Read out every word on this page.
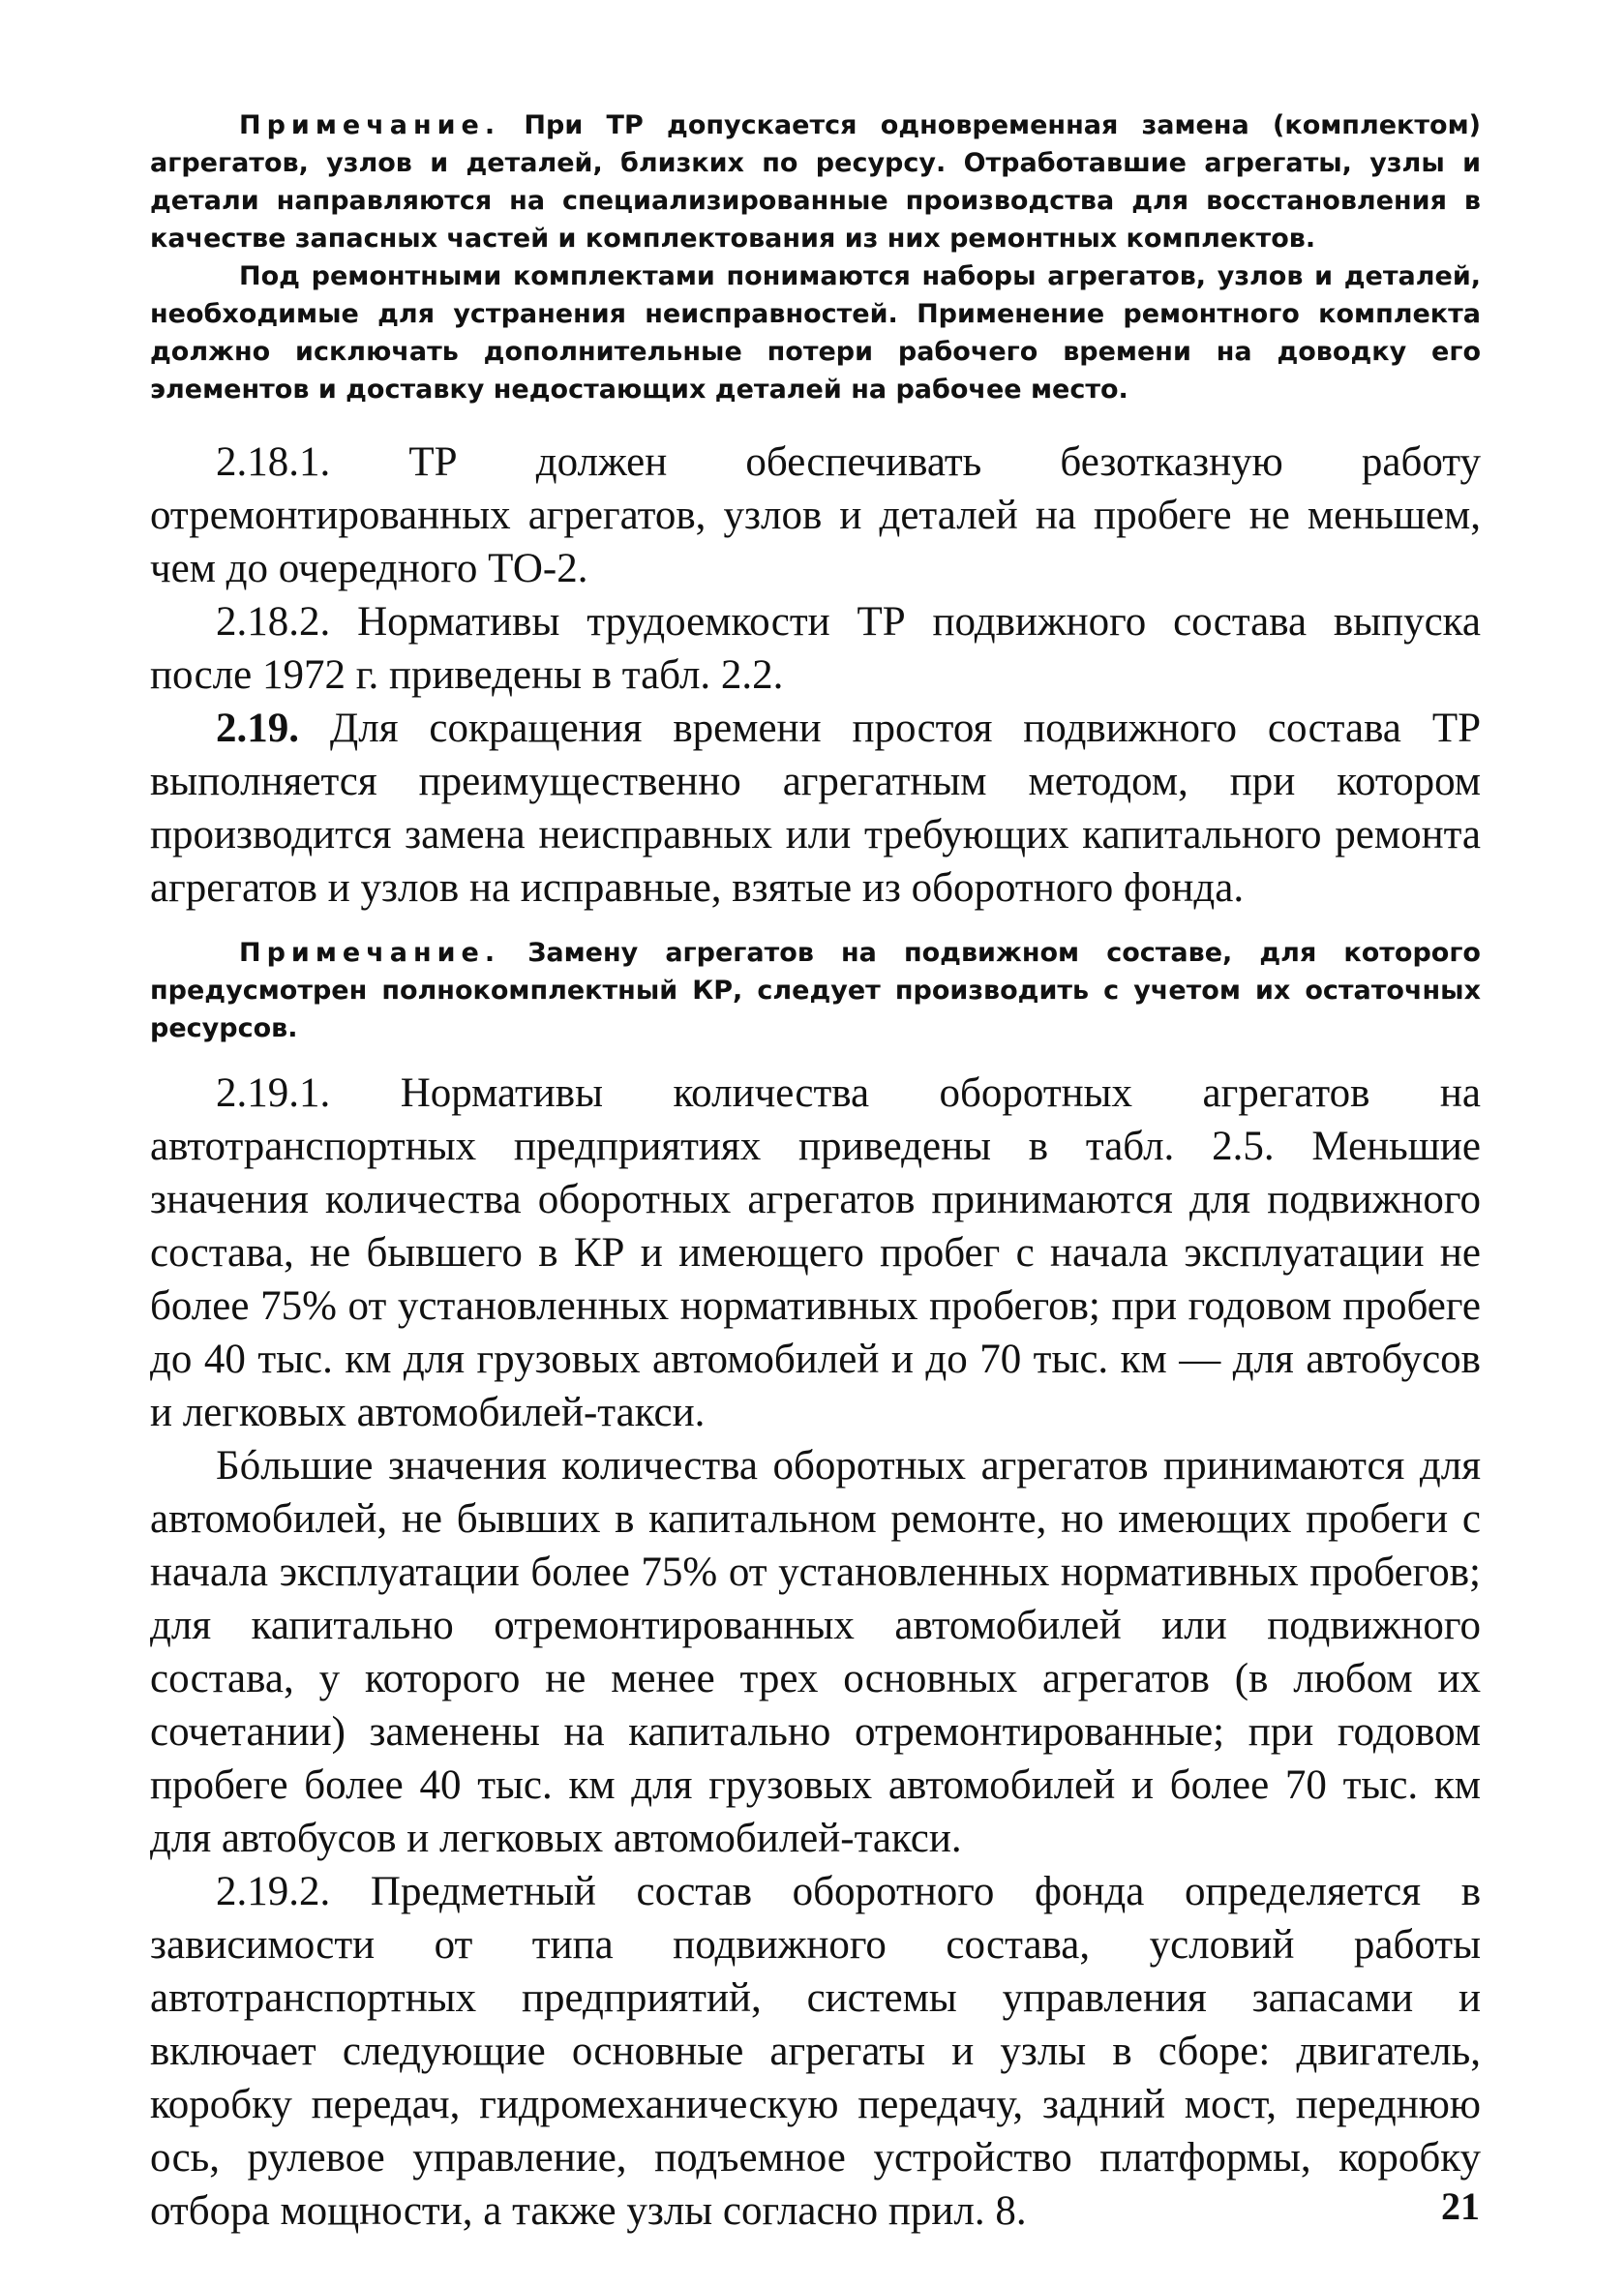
Примечание. При ТР допускается одновременная замена (комплектом) агрегатов, узлов и деталей, близких по ресурсу. Отработавшие агрегаты, узлы и детали направляются на специализированные производства для восстановления в качестве запасных частей и комплектования из них ремонтных комплектов.

Под ремонтными комплектами понимаются наборы агрегатов, узлов и деталей, необходимые для устранения неисправностей. Применение ремонтного комплекта должно исключать дополнительные потери рабочего времени на доводку его элементов и доставку недостающих деталей на рабочее место.

2.18.1. ТР должен обеспечивать безотказную работу отремонтированных агрегатов, узлов и деталей на пробеге не меньшем, чем до очередного ТО-2.

2.18.2. Нормативы трудоемкости ТР подвижного состава выпуска после 1972 г. приведены в табл. 2.2.

2.19. Для сокращения времени простоя подвижного состава ТР выполняется преимущественно агрегатным методом, при котором производится замена неисправных или требующих капитального ремонта агрегатов и узлов на исправные, взятые из оборотного фонда.

Примечание. Замену агрегатов на подвижном составе, для которого предусмотрен полнокомплектный КР, следует производить с учетом их остаточных ресурсов.

2.19.1. Нормативы количества оборотных агрегатов на автотранспортных предприятиях приведены в табл. 2.5. Меньшие значения количества оборотных агрегатов принимаются для подвижного состава, не бывшего в КР и имеющего пробег с начала эксплуатации не более 75% от установленных нормативных пробегов; при годовом пробеге до 40 тыс. км для грузовых автомобилей и до 70 тыс. км — для автобусов и легковых автомобилей-такси.

Бóльшие значения количества оборотных агрегатов принимаются для автомобилей, не бывших в капитальном ремонте, но имеющих пробеги с начала эксплуатации более 75% от установленных нормативных пробегов; для капитально отремонтированных автомобилей или подвижного состава, у которого не менее трех основных агрегатов (в любом их сочетании) заменены на капитально отремонтированные; при годовом пробеге более 40 тыс. км для грузовых автомобилей и более 70 тыс. км для автобусов и легковых автомобилей-такси.

2.19.2. Предметный состав оборотного фонда определяется в зависимости от типа подвижного состава, условий работы автотранспортных предприятий, системы управления запасами и включает следующие основные агрегаты и узлы в сборе: двигатель, коробку передач, гидромеханическую передачу, задний мост, переднюю ось, рулевое управление, подъемное устройство платформы, коробку отбора мощности, а также узлы согласно прил. 8.	21
